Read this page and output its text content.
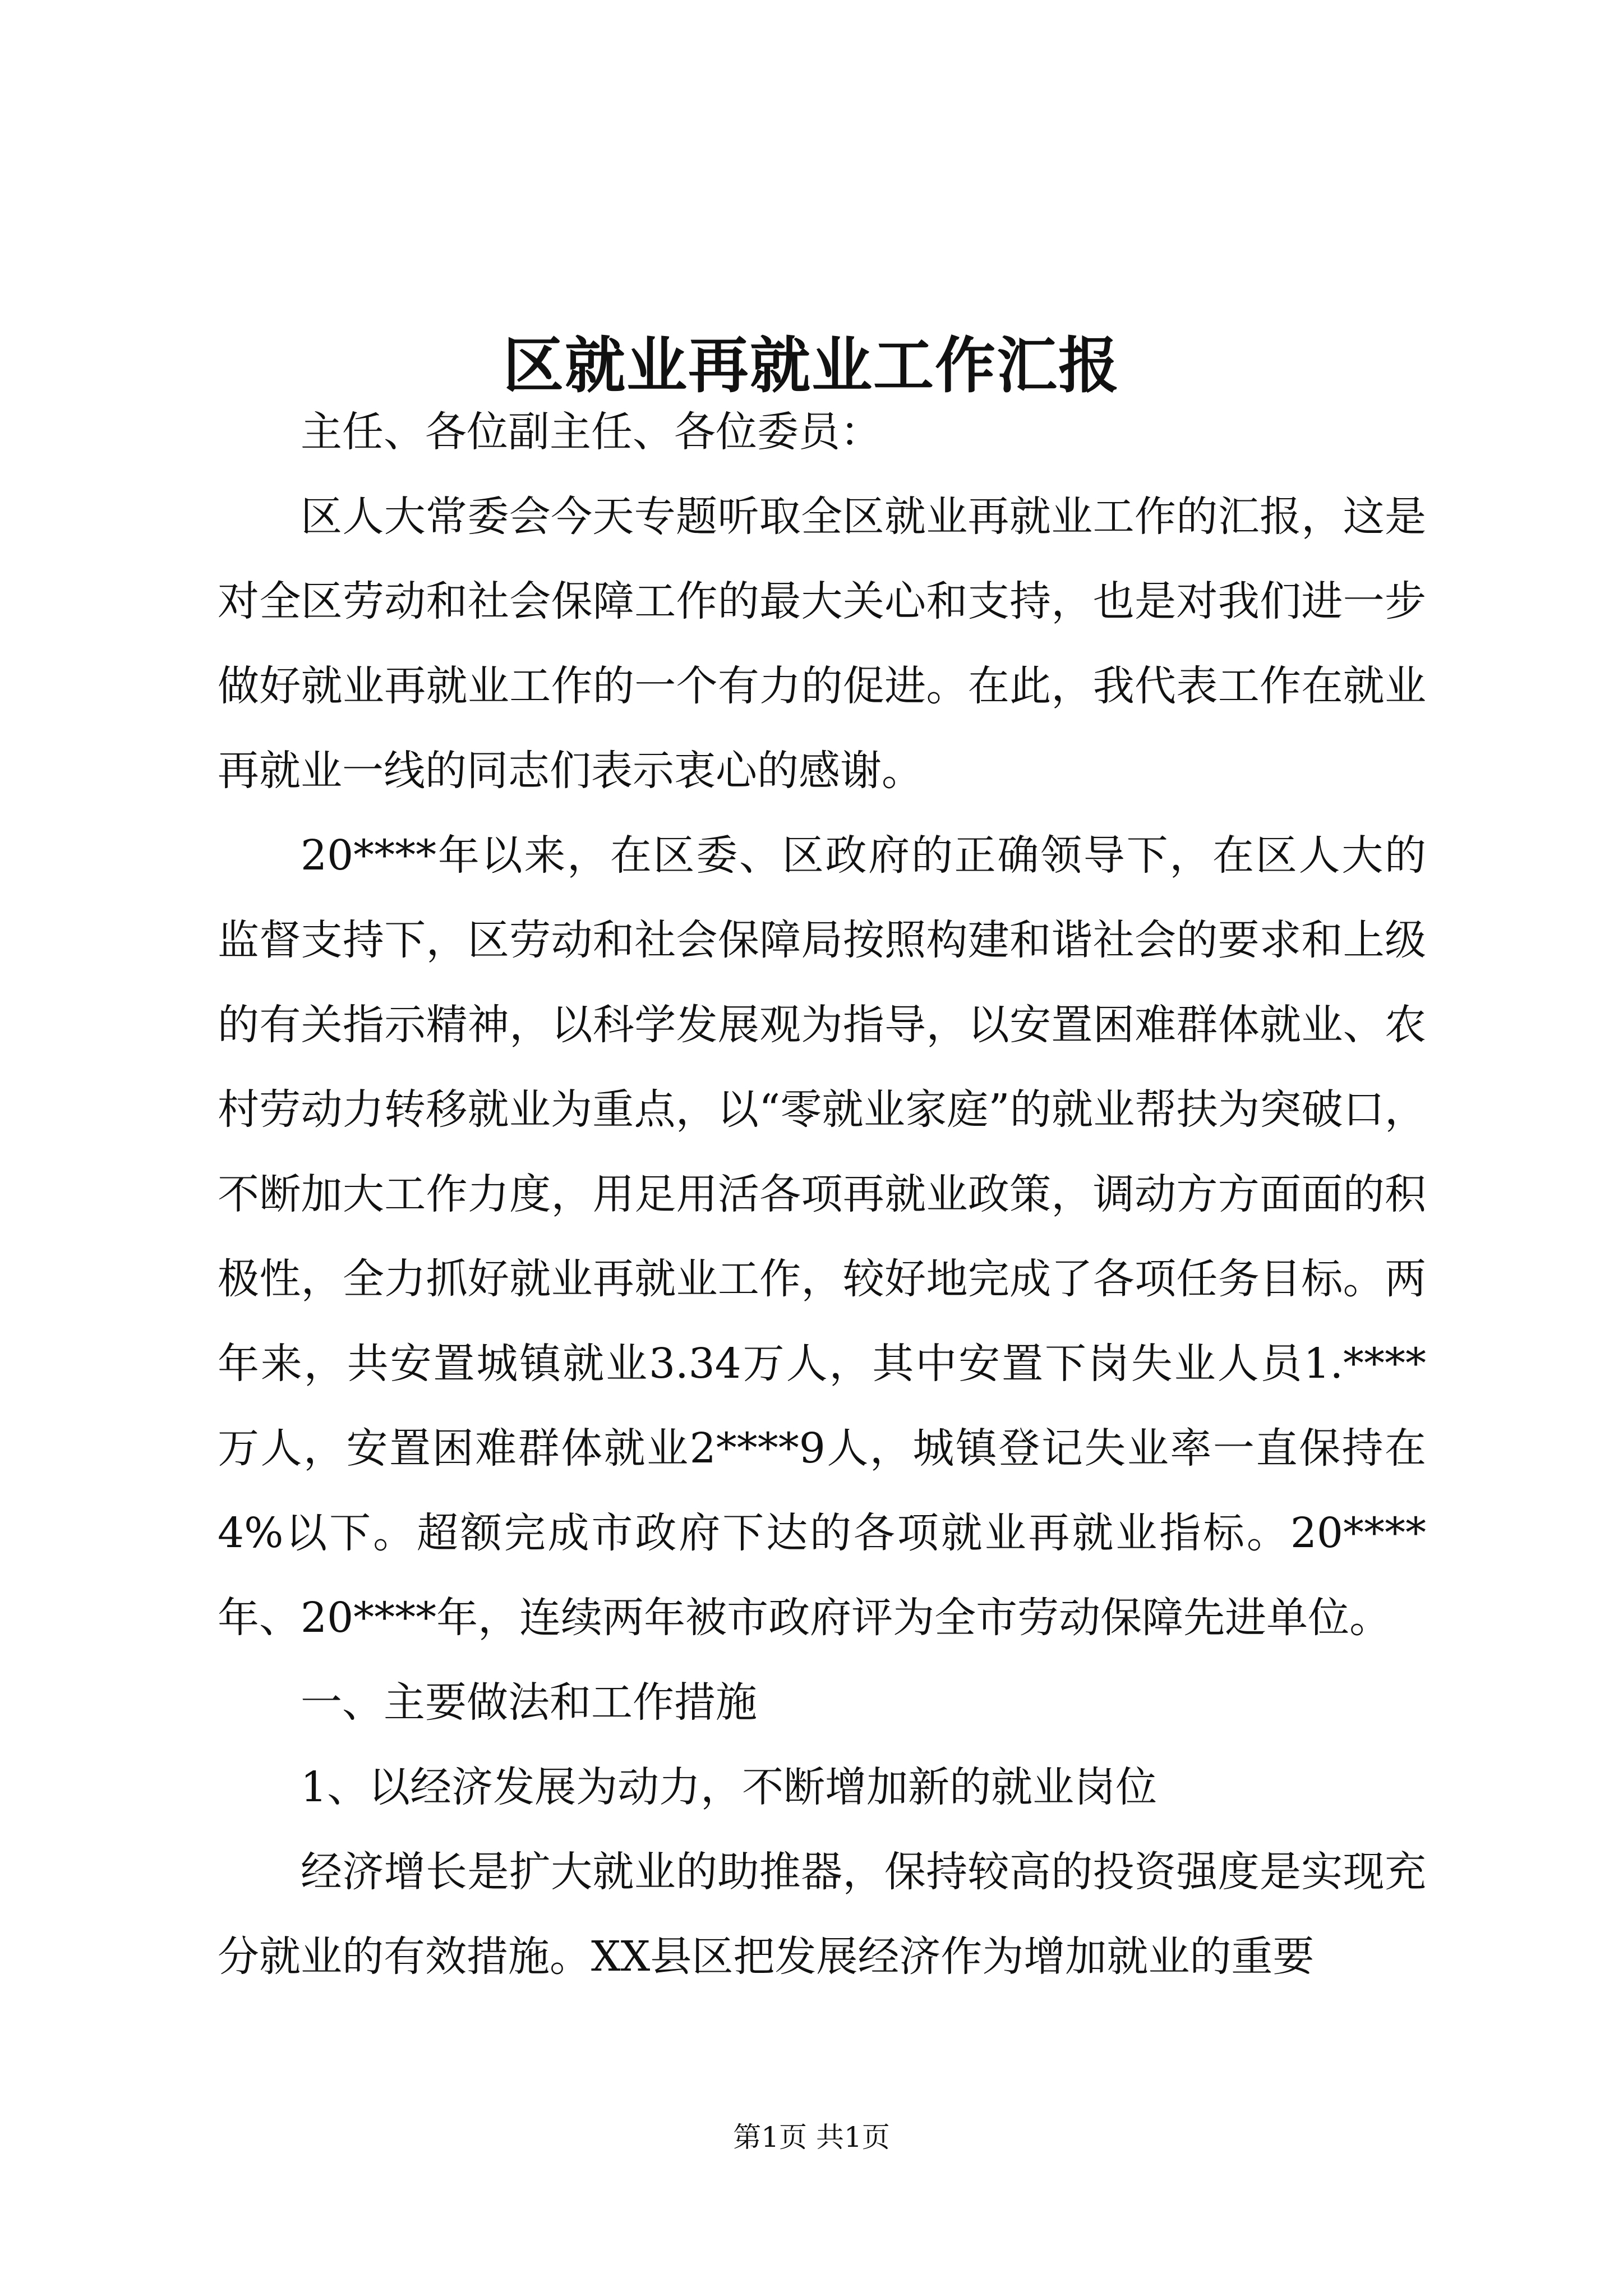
区就业再就业工作汇报

主任、各位副主任、各位委员：

区人大常委会今天专题听取全区就业再就业工作的汇报，这是对全区劳动和社会保障工作的最大关心和支持，也是对我们进一步做好就业再就业工作的一个有力的促进。在此，我代表工作在就业再就业一线的同志们表示衷心的感谢。

20****年以来，在区委、区政府的正确领导下，在区人大的监督支持下，区劳动和社会保障局按照构建和谐社会的要求和上级的有关指示精神，以科学发展观为指导，以安置困难群体就业、农村劳动力转移就业为重点，以“零就业家庭”的就业帮扶为突破口，不断加大工作力度，用足用活各项再就业政策，调动方方面面的积极性，全力抓好就业再就业工作，较好地完成了各项任务目标。两年来，共安置城镇就业3.34万人，其中安置下岗失业人员1.****万人，安置困难群体就业2****9人，城镇登记失业率一直保持在4%以下。超额完成市政府下达的各项就业再就业指标。20****年、20****年，连续两年被市政府评为全市劳动保障先进单位。

一、主要做法和工作措施

1、以经济发展为动力，不断增加新的就业岗位

经济增长是扩大就业的助推器，保持较高的投资强度是实现充分就业的有效措施。XX县区把发展经济作为增加就业的重要

第1页 共1页
